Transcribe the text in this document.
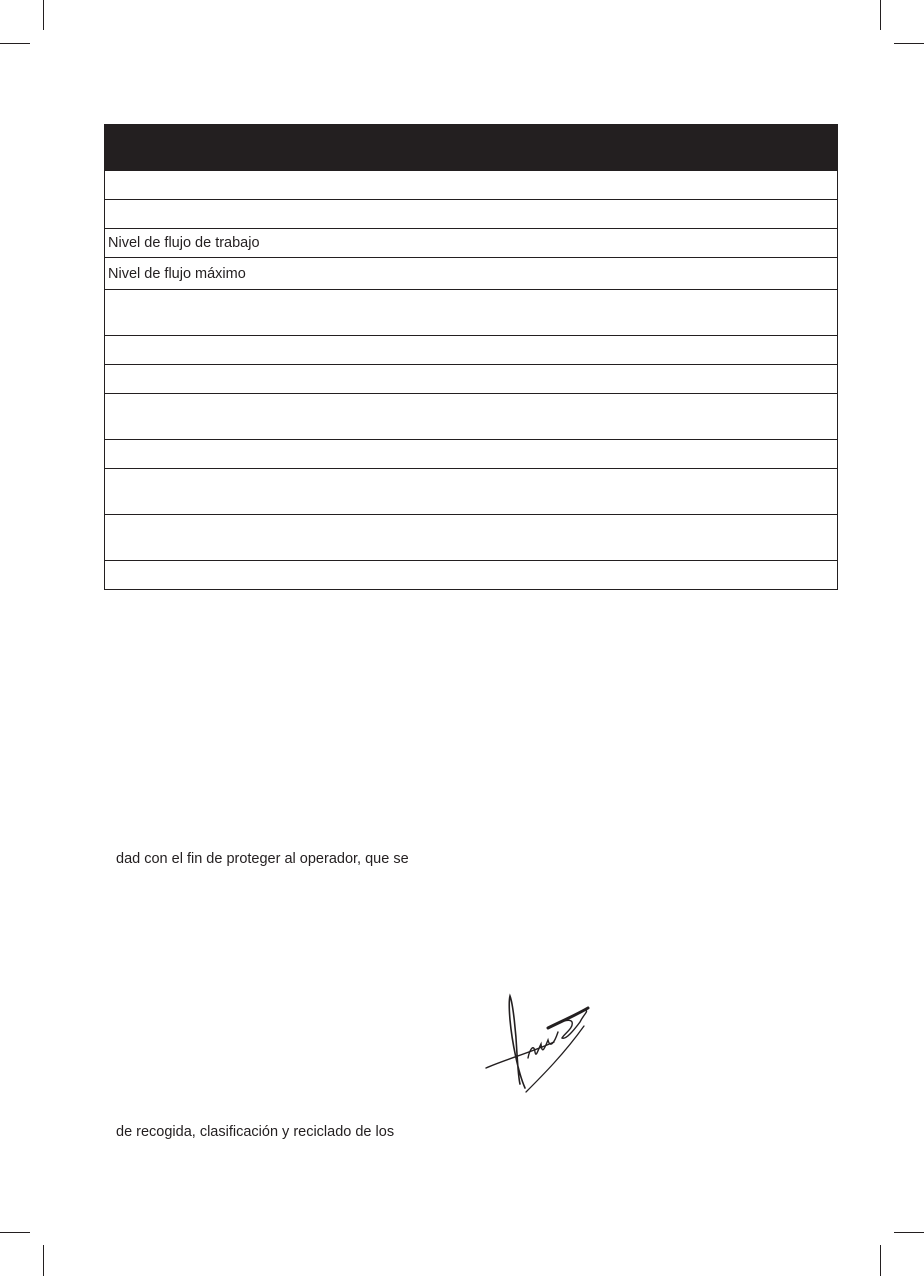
Nivel de flujo de trabajo
Nivel de flujo máximo

dad con el fin de proteger al operador, que se
de recogida, clasificación y reciclado de los
